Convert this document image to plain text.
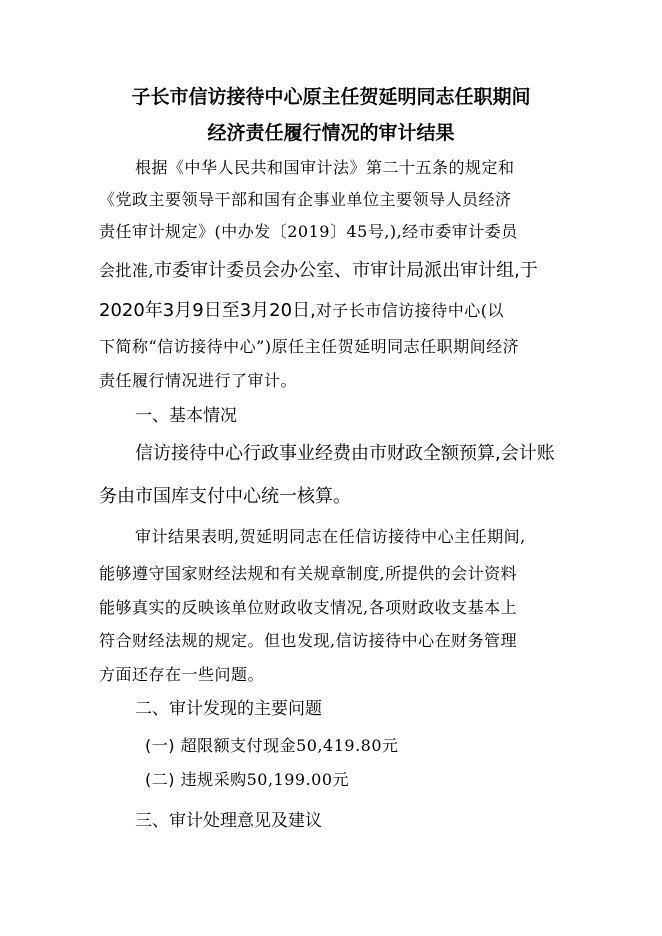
子长市信访接待中心原主任贺延明同志任职期间
经济责任履行情况的审计结果
根据《中华人民共和国审计法》第二十五条的规定和
《党政主要领导干部和国有企事业单位主要领导人员经济
责任审计规定》(中办发〔2019〕45号,),经市委审计委员
会批准,市委审计委员会办公室、市审计局派出审计组,于
2020年3月9日至3月20日,对子长市信访接待中心(以
下简称“信访接待中心”)原任主任贺延明同志任职期间经济
责任履行情况进行了审计。
一、基本情况
信访接待中心行政事业经费由市财政全额预算,会计账
务由市国库支付中心统一核算。
审计结果表明,贺延明同志在任信访接待中心主任期间,
能够遵守国家财经法规和有关规章制度,所提供的会计资料
能够真实的反映该单位财政收支情况,各项财政收支基本上
符合财经法规的规定。但也发现,信访接待中心在财务管理
方面还存在一些问题。
二、审计发现的主要问题
(一) 超限额支付现金50,419.80元
(二) 违规采购50,199.00元
三、审计处理意见及建议
